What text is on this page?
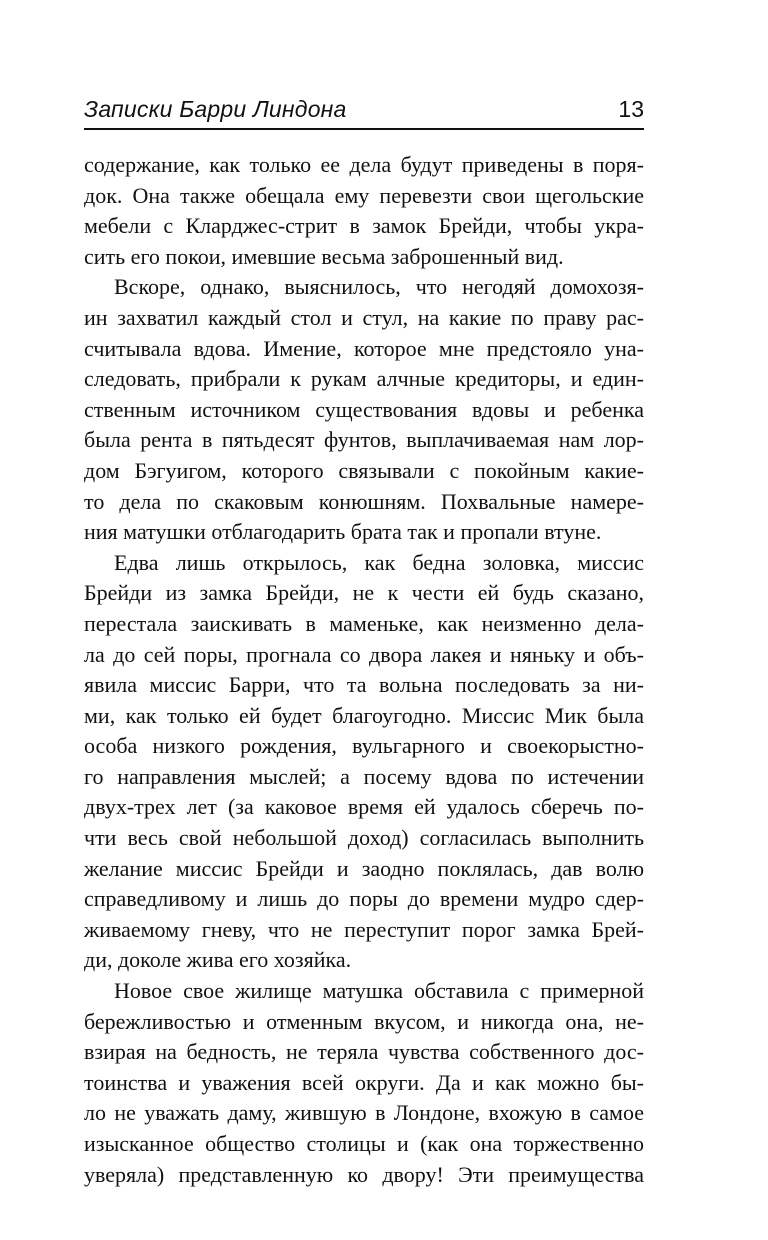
Записки Барри Линдона	13
содержание, как только ее дела будут приведены в поря-
док. Она также обещала ему перевезти свои щегольские
мебели с Кларджес-стрит в замок Брейди, чтобы укра-
сить его покои, имевшие весьма заброшенный вид.
Вскоре, однако, выяснилось, что негодяй домохозя-
ин захватил каждый стол и стул, на какие по праву рас-
считывала вдова. Имение, которое мне предстояло уна-
следовать, прибрали к рукам алчные кредиторы, и един-
ственным источником существования вдовы и ребенка
была рента в пятьдесят фунтов, выплачиваемая нам лор-
дом Бэгуигом, которого связывали с покойным какие-
то дела по скаковым конюшням. Похвальные намере-
ния матушки отблагодарить брата так и пропали втуне.
Едва лишь открылось, как бедна золовка, миссис
Брейди из замка Брейди, не к чести ей будь сказано,
перестала заискивать в маменьке, как неизменно дела-
ла до сей поры, прогнала со двора лакея и няньку и объ-
явила миссис Барри, что та вольна последовать за ни-
ми, как только ей будет благоугодно. Миссис Мик была
особа низкого рождения, вульгарного и своекорыстно-
го направления мыслей; а посему вдова по истечении
двух-трех лет (за каковое время ей удалось сберечь по-
чти весь свой небольшой доход) согласилась выполнить
желание миссис Брейди и заодно поклялась, дав волю
справедливому и лишь до поры до времени мудро сдер-
живаемому гневу, что не переступит порог замка Брей-
ди, доколе жива его хозяйка.
Новое свое жилище матушка обставила с примерной
бережливостью и отменным вкусом, и никогда она, не-
взирая на бедность, не теряла чувства собственного дос-
тоинства и уважения всей округи. Да и как можно бы-
ло не уважать даму, жившую в Лондоне, вхожую в самое
изысканное общество столицы и (как она торжественно
уверяла) представленную ко двору! Эти преимущества
